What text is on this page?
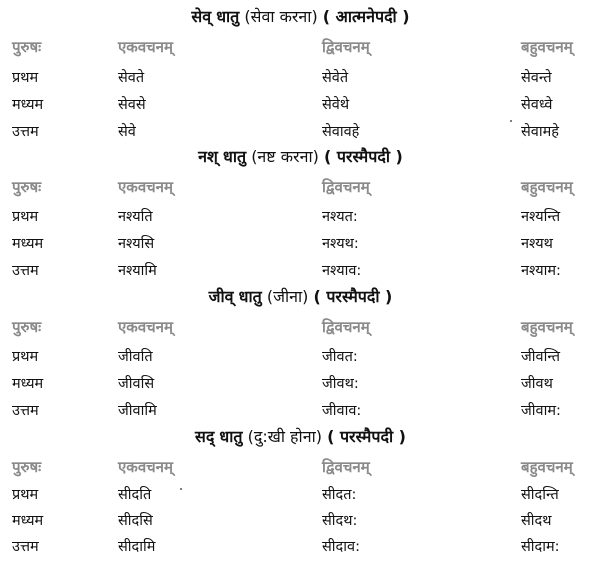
सेव् धातु (सेवा करना) ( आत्मनेपदी )
पुरुषः	एकवचनम्	द्विवचनम्	बहुवचनम्
प्रथम	सेवते	सेवेते	सेवन्ते
मध्यम	सेवसे	सेवेथे	सेवध्वे
उत्तम	सेवे	सेवावहे	सेवामहे
नश् धातु (नष्ट करना) ( परस्मैपदी )
पुरुषः	एकवचनम्	द्विवचनम्	बहुवचनम्
प्रथम	नश्यति	नश्यत:	नश्यन्ति
मध्यम	नश्यसि	नश्यथ:	नश्यथ
उत्तम	नश्यामि	नश्याव:	नश्याम:
जीव् धातु (जीना) ( परस्मैपदी )
पुरुषः	एकवचनम्	द्विवचनम्	बहुवचनम्
प्रथम	जीवति	जीवत:	जीवन्ति
मध्यम	जीवसि	जीवथ:	जीवथ
उत्तम	जीवामि	जीवाव:	जीवाम:
सद् धातु (दु:खी होना) ( परस्मैपदी )
पुरुषः	एकवचनम्	द्विवचनम्	बहुवचनम्
प्रथम	सीदति	सीदत:	सीदन्ति
मध्यम	सीदसि	सीदथ:	सीदथ
उत्तम	सीदामि	सीदाव:	सीदाम:
